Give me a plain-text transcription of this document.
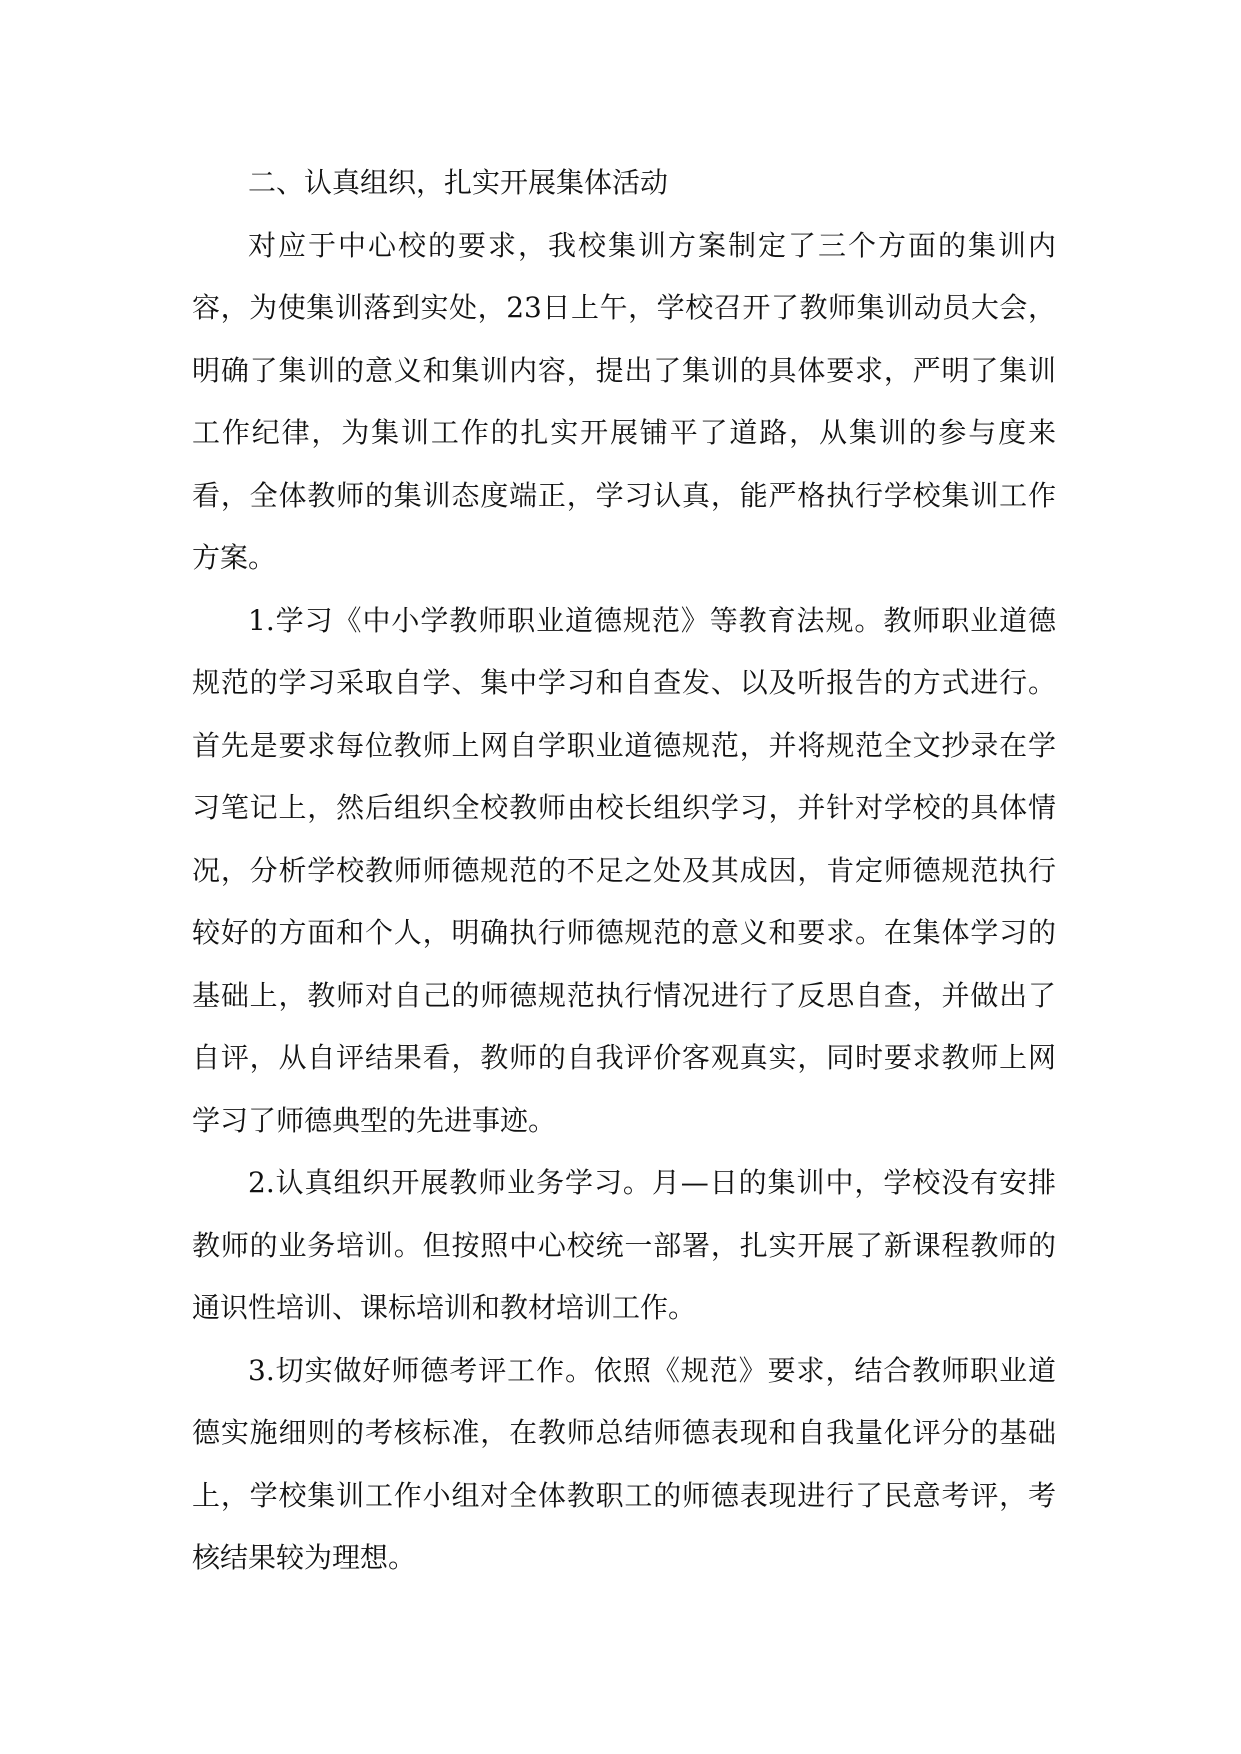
二、认真组织，扎实开展集体活动

对应于中心校的要求，我校集训方案制定了三个方面的集训内容，为使集训落到实处，23日上午，学校召开了教师集训动员大会，明确了集训的意义和集训内容，提出了集训的具体要求，严明了集训工作纪律，为集训工作的扎实开展铺平了道路，从集训的参与度来看，全体教师的集训态度端正，学习认真，能严格执行学校集训工作方案。

1.学习《中小学教师职业道德规范》等教育法规。教师职业道德规范的学习采取自学、集中学习和自查发、以及听报告的方式进行。首先是要求每位教师上网自学职业道德规范，并将规范全文抄录在学习笔记上，然后组织全校教师由校长组织学习，并针对学校的具体情况，分析学校教师师德规范的不足之处及其成因，肯定师德规范执行较好的方面和个人，明确执行师德规范的意义和要求。在集体学习的基础上，教师对自己的师德规范执行情况进行了反思自查，并做出了自评，从自评结果看，教师的自我评价客观真实，同时要求教师上网学习了师德典型的先进事迹。

2.认真组织开展教师业务学习。月—日的集训中，学校没有安排教师的业务培训。但按照中心校统一部署，扎实开展了新课程教师的通识性培训、课标培训和教材培训工作。

3.切实做好师德考评工作。依照《规范》要求，结合教师职业道德实施细则的考核标准，在教师总结师德表现和自我量化评分的基础上，学校集训工作小组对全体教职工的师德表现进行了民意考评，考核结果较为理想。
